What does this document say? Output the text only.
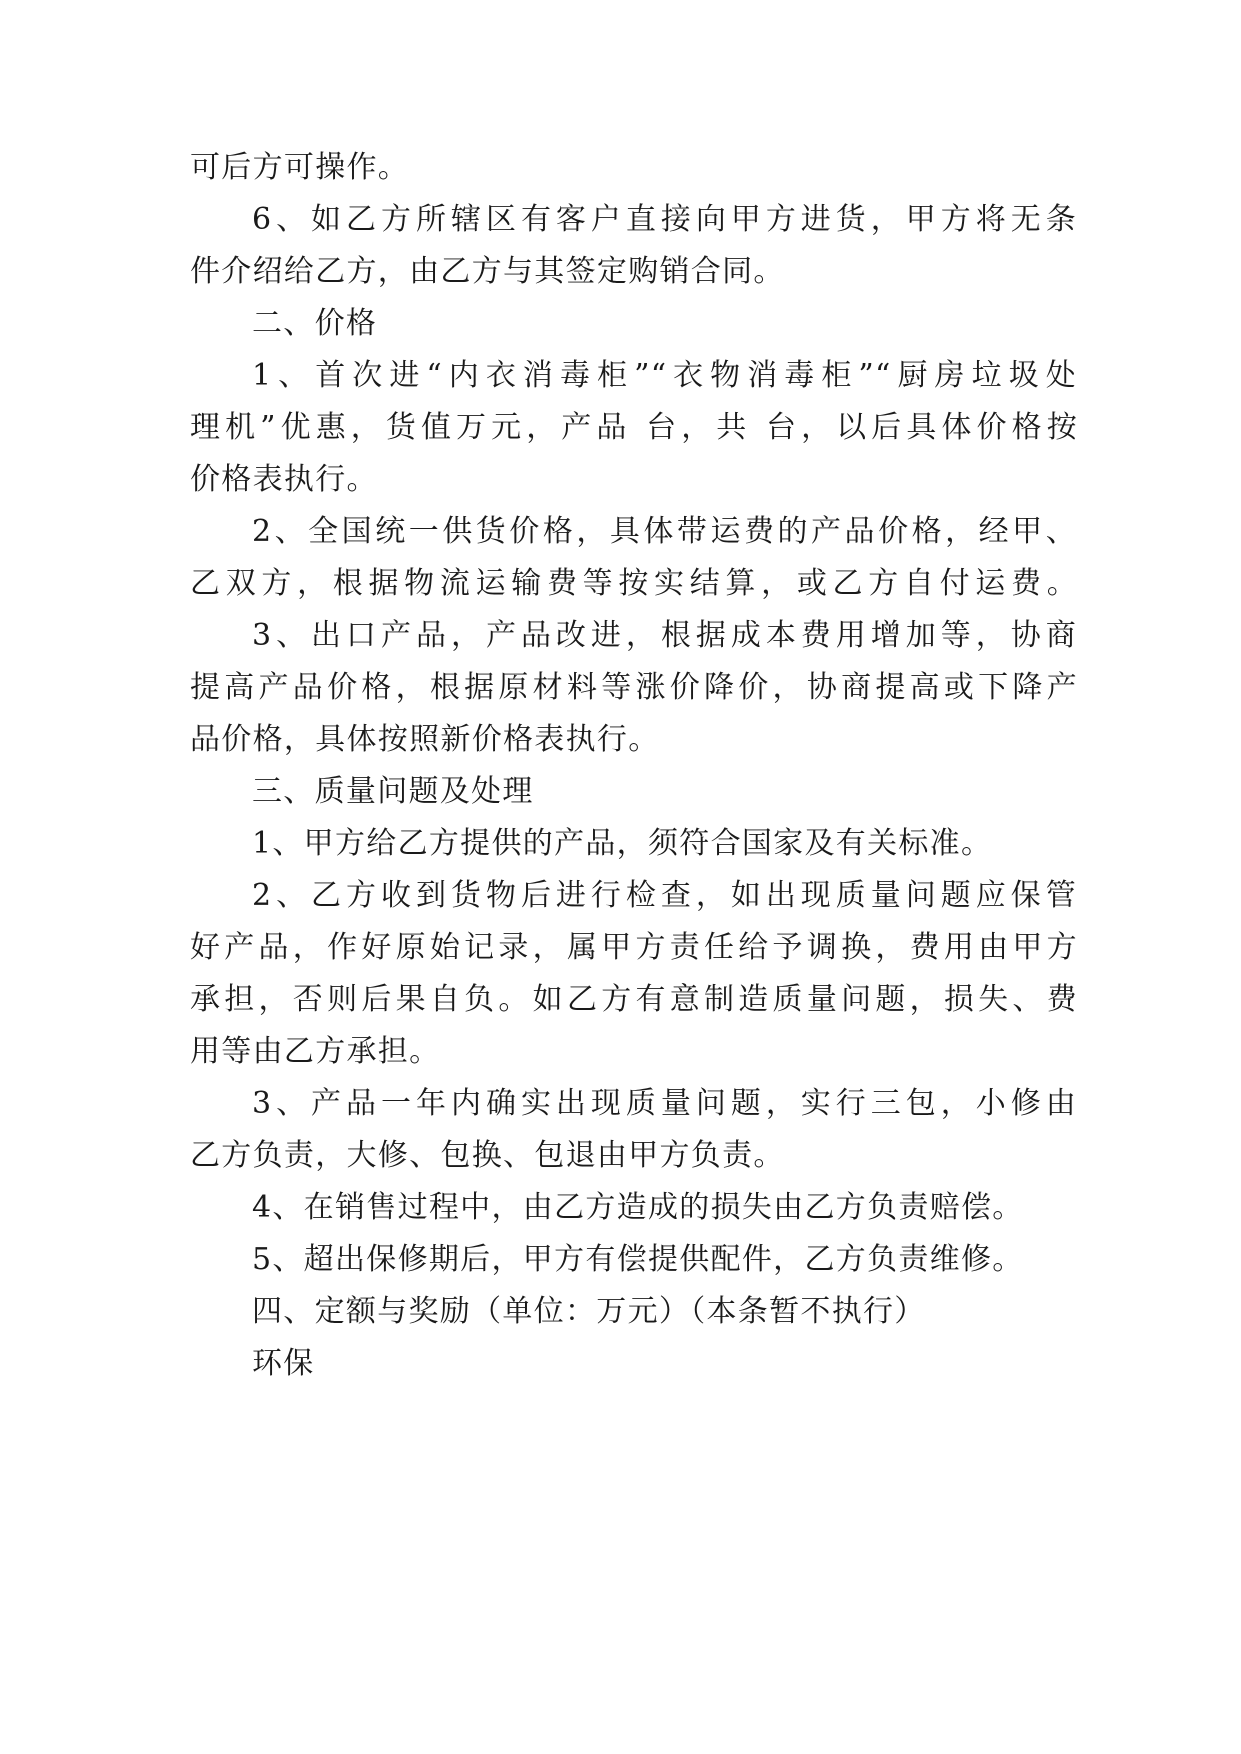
可后方可操作。
6、如乙方所辖区有客户直接向甲方进货，甲方将无条
件介绍给乙方，由乙方与其签定购销合同。
二、价格
1、首次进“内衣消毒柜”“衣物消毒柜”“厨房垃圾处
理机”优惠，货值万元，产品 台，共 台，以后具体价格按
价格表执行。
2、全国统一供货价格，具体带运费的产品价格，经甲、
乙双方，根据物流运输费等按实结算，或乙方自付运费。
3、出口产品，产品改进，根据成本费用增加等，协商
提高产品价格，根据原材料等涨价降价，协商提高或下降产
品价格，具体按照新价格表执行。
三、质量问题及处理
1、甲方给乙方提供的产品，须符合国家及有关标准。
2、乙方收到货物后进行检查，如出现质量问题应保管
好产品，作好原始记录，属甲方责任给予调换，费用由甲方
承担，否则后果自负。如乙方有意制造质量问题，损失、费
用等由乙方承担。
3、产品一年内确实出现质量问题，实行三包，小修由
乙方负责，大修、包换、包退由甲方负责。
4、在销售过程中，由乙方造成的损失由乙方负责赔偿。
5、超出保修期后，甲方有偿提供配件，乙方负责维修。
四、定额与奖励（单位：万元）（本条暂不执行）
环保
